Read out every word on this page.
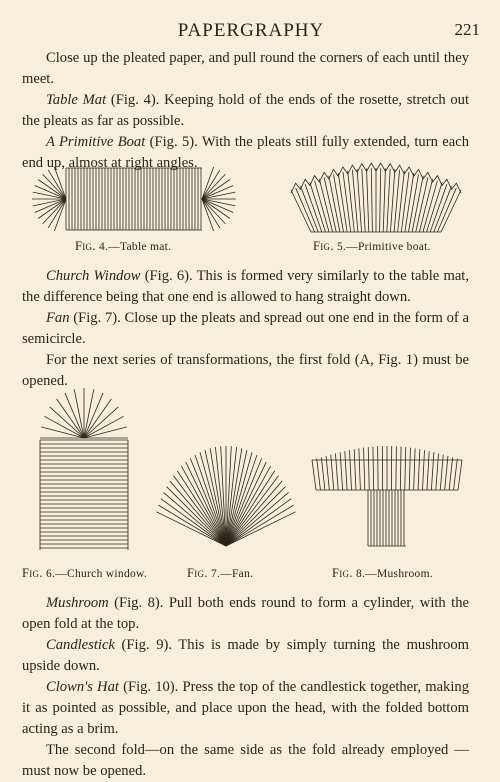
PAPERGRAPHY	221

Close up the pleated paper, and pull round the corners of each until they meet.

Table Mat (Fig. 4). Keeping hold of the ends of the rosette, stretch out the pleats as far as possible.

A Primitive Boat (Fig. 5). With the pleats still fully extended, turn each end up, almost at right angles.

Fig. 4.—Table mat.	Fig. 5.—Primitive boat.

Church Window (Fig. 6). This is formed very similarly to the table mat, the difference being that one end is allowed to hang straight down.

Fan (Fig. 7). Close up the pleats and spread out one end in the form of a semicircle.

For the next series of transformations, the first fold (A, Fig. 1) must be opened.

Fig. 6.—Church window.	Fig. 7.—Fan.	Fig. 8.—Mushroom.

Mushroom (Fig. 8). Pull both ends round to form a cylinder, with the open fold at the top.

Candlestick (Fig. 9). This is made by simply turning the mushroom upside down.

Clown's Hat (Fig. 10). Press the top of the candlestick together, making it as pointed as possible, and place upon the head, with the folded bottom acting as a brim.

The second fold—on the same side as the fold already employed —must now be opened.
